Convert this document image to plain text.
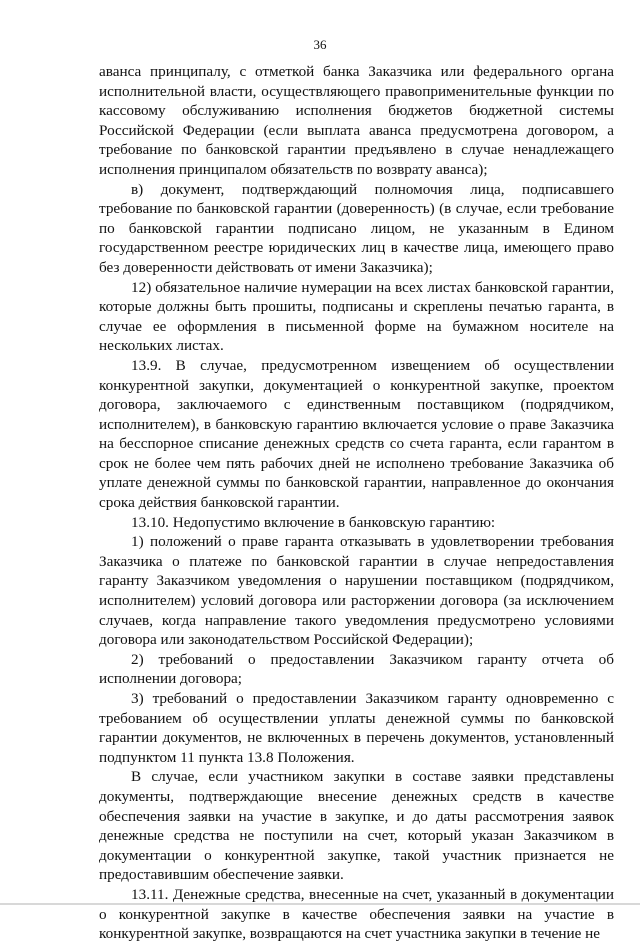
36

аванса принципалу, с отметкой банка Заказчика или федерального органа исполнительной власти, осуществляющего правоприменительные функции по кассовому обслуживанию исполнения бюджетов бюджетной системы Российской Федерации (если выплата аванса предусмотрена договором, а требование по банковской гарантии предъявлено в случае ненадлежащего исполнения принципалом обязательств по возврату аванса);

в) документ, подтверждающий полномочия лица, подписавшего требование по банковской гарантии (доверенность) (в случае, если требование по банковской гарантии подписано лицом, не указанным в Едином государственном реестре юридических лиц в качестве лица, имеющего право без доверенности действовать от имени Заказчика);

12) обязательное наличие нумерации на всех листах банковской гарантии, которые должны быть прошиты, подписаны и скреплены печатью гаранта, в случае ее оформления в письменной форме на бумажном носителе на нескольких листах.

13.9. В случае, предусмотренном извещением об осуществлении конкурентной закупки, документацией о конкурентной закупке, проектом договора, заключаемого с единственным поставщиком (подрядчиком, исполнителем), в банковскую гарантию включается условие о праве Заказчика на бесспорное списание денежных средств со счета гаранта, если гарантом в срок не более чем пять рабочих дней не исполнено требование Заказчика об уплате денежной суммы по банковской гарантии, направленное до окончания срока действия банковской гарантии.

13.10. Недопустимо включение в банковскую гарантию:

1) положений о праве гаранта отказывать в удовлетворении требования Заказчика о платеже по банковской гарантии в случае непредоставления гаранту Заказчиком уведомления о нарушении поставщиком (подрядчиком, исполнителем) условий договора или расторжении договора (за исключением случаев, когда направление такого уведомления предусмотрено условиями договора или законодательством Российской Федерации);

2) требований о предоставлении Заказчиком гаранту отчета об исполнении договора;

3) требований о предоставлении Заказчиком гаранту одновременно с требованием об осуществлении уплаты денежной суммы по банковской гарантии документов, не включенных в перечень документов, установленный подпунктом 11 пункта 13.8 Положения.

В случае, если участником закупки в составе заявки представлены документы, подтверждающие внесение денежных средств в качестве обеспечения заявки на участие в закупке, и до даты рассмотрения заявок денежные средства не поступили на счет, который указан Заказчиком в документации о конкурентной закупке, такой участник признается не предоставившим обеспечение заявки.

13.11. Денежные средства, внесенные на счет, указанный в документации о конкурентной закупке в качестве обеспечения заявки на участие в конкурентной закупке, возвращаются на счет участника закупки в течение не
